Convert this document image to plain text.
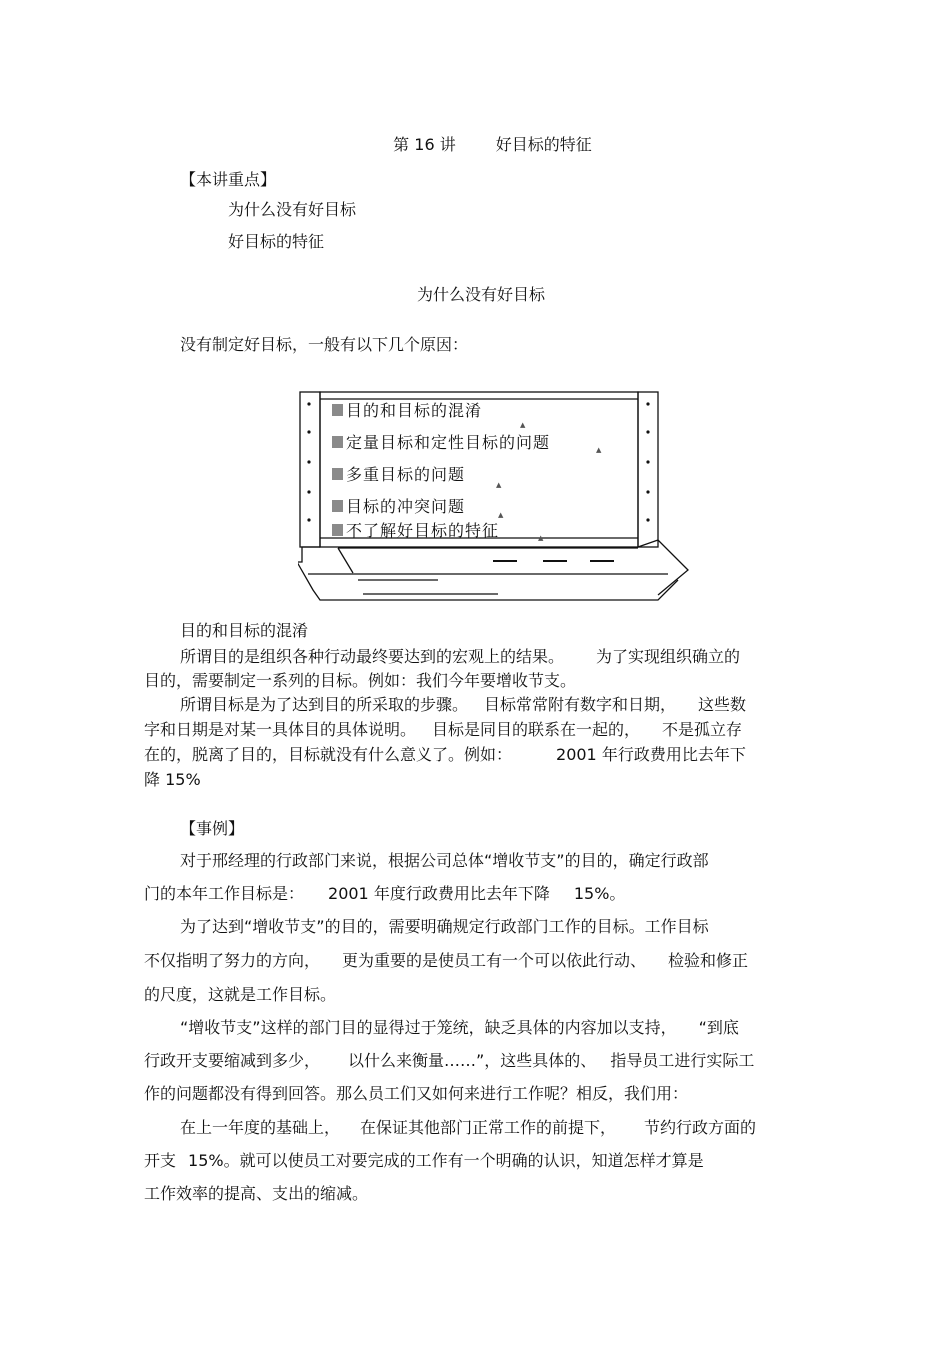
第 16 讲	好目标的特征

【本讲重点】
为什么没有好目标
好目标的特征
为什么没有好目标
没有制定好目标，一般有以下几个原因：
目的和目标的混淆
▲
定量目标和定性目标的问题	▲
多重目标的问题
▲
目标的冲突问题	▲
不了解好目标的特征	▲
目的和目标的混淆
所谓目的是组织各种行动最终要达到的宏观上的结果。 为了实现组织确立的
目的，需要制定一系列的目标。例如：我们今年要增收节支。
所谓目标是为了达到目的所采取的步骤。 目标常常附有数字和日期， 这些数
字和日期是对某一具体目的具体说明。 目标是同目的联系在一起的， 不是孤立存
在的，脱离了目的，目标就没有什么意义了。例如：	2001 年行政费用比去年下
降 15%
【事例】
对于邢经理的行政部门来说，根据公司总体“增收节支”的目的，确定行政部
门的本年工作目标是： 2001 年度行政费用比去年下降 15%。
为了达到“增收节支”的目的，需要明确规定行政部门工作的目标。工作目标
不仅指明了努力的方向， 更为重要的是使员工有一个可以依此行动、 检验和修正
的尺度，这就是工作目标。
“增收节支”这样的部门目的显得过于笼统，缺乏具体的内容加以支持， “到底
行政开支要缩减到多少， 以什么来衡量……”，这些具体的、 指导员工进行实际工
作的问题都没有得到回答。那么员工们又如何来进行工作呢？相反，我们用：
在上一年度的基础上， 在保证其他部门正常工作的前提下， 节约行政方面的
开支 15%。就可以使员工对要完成的工作有一个明确的认识，知道怎样才算是
工作效率的提高、支出的缩减。
